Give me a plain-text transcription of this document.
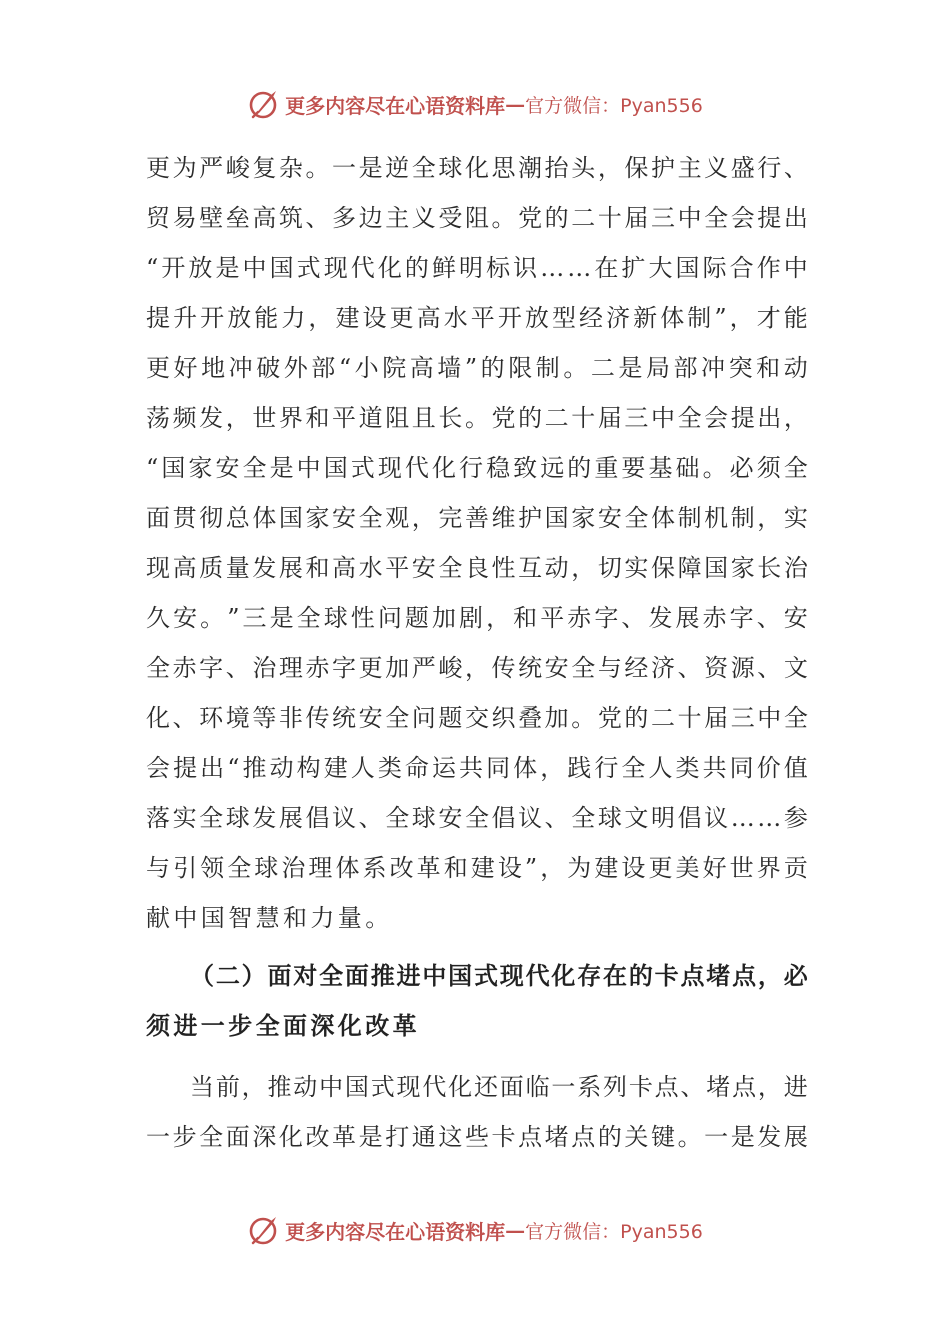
更多内容尽在心语资料库 — 官方微信：Pyan556
更 为 严 峻 复 杂 。 一 是 逆 全 球 化 思 潮 抬 头 ， 保 护 主 义 盛 行 、
贸 易 壁 垒 高 筑 、 多 边 主 义 受 阻 。 党 的 二 十 届 三 中 全 会 提 出
“ 开 放 是 中 国 式 现 代 化 的 鲜 明 标 识 … … 在 扩 大 国 际 合 作 中
提 升 开 放 能 力 ， 建 设 更 高 水 平 开 放 型 经 济 新 体 制 ” ， 才 能
更 好 地 冲 破 外 部 “ 小 院 高 墙 ” 的 限 制 。 二 是 局 部 冲 突 和 动
荡 频 发 ， 世 界 和 平 道 阻 且 长 。 党 的 二 十 届 三 中 全 会 提 出 ，
“ 国 家 安 全 是 中 国 式 现 代 化 行 稳 致 远 的 重 要 基 础 。 必 须 全
面 贯 彻 总 体 国 家 安 全 观 ， 完 善 维 护 国 家 安 全 体 制 机 制 ， 实
现 高 质 量 发 展 和 高 水 平 安 全 良 性 互 动 ， 切 实 保 障 国 家 长 治
久 安 。 ” 三 是 全 球 性 问 题 加 剧 ， 和 平 赤 字 、 发 展 赤 字 、 安
全 赤 字 、 治 理 赤 字 更 加 严 峻 ， 传 统 安 全 与 经 济 、 资 源 、 文
化 、 环 境 等 非 传 统 安 全 问 题 交 织 叠 加 。 党 的 二 十 届 三 中 全
会 提 出 “ 推 动 构 建 人 类 命 运 共 同 体 ， 践 行 全 人 类 共 同 价 值
落 实 全 球 发 展 倡 议 、 全 球 安 全 倡 议 、 全 球 文 明 倡 议 … … 参
与 引 领 全 球 治 理 体 系 改 革 和 建 设 ” ， 为 建 设 更 美 好 世 界 贡
献中国智慧和力量。
（ 二 ） 面 对 全 面 推 进 中 国 式 现 代 化 存 在 的 卡 点 堵 点 ， 必
须进一步全面深化改革
当 前 ， 推 动 中 国 式 现 代 化 还 面 临 一 系 列 卡 点 、 堵 点 ， 进
一 步 全 面 深 化 改 革 是 打 通 这 些 卡 点 堵 点 的 关 键 。 一 是 发 展
更多内容尽在心语资料库 — 官方微信：Pyan556
